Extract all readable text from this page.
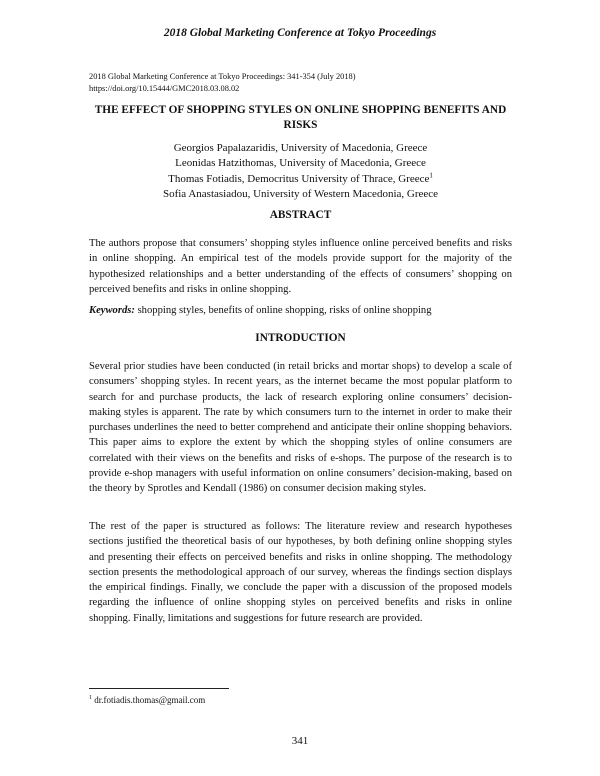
2018 Global Marketing Conference at Tokyo Proceedings
2018 Global Marketing Conference at Tokyo Proceedings: 341-354 (July 2018)
https://doi.org/10.15444/GMC2018.03.08.02
THE EFFECT OF SHOPPING STYLES ON ONLINE SHOPPING BENEFITS AND RISKS
Georgios Papalazaridis, University of Macedonia, Greece
Leonidas Hatzithomas, University of Macedonia, Greece
Thomas Fotiadis, Democritus University of Thrace, Greece$^1$
Sofia Anastasiadou, University of Western Macedonia, Greece
ABSTRACT

The authors propose that consumers’ shopping styles influence online perceived benefits and risks in online shopping. An empirical test of the models provide support for the majority of the hypothesized relationships and a better understanding of the effects of consumers’ shopping on perceived benefits and risks in online shopping.

Keywords: shopping styles, benefits of online shopping, risks of online shopping
INTRODUCTION

Several prior studies have been conducted (in retail bricks and mortar shops) to develop a scale of consumers’ shopping styles. In recent years, as the internet became the most popular platform to search for and purchase products, the lack of research exploring online consumers’ decision-making styles is apparent. The rate by which consumers turn to the internet in order to make their purchases underlines the need to better comprehend and anticipate their online shopping behaviors. This paper aims to explore the extent by which the shopping styles of online consumers are correlated with their views on the benefits and risks of e-shops. The purpose of the research is to provide e-shop managers with useful information on online consumers’ decision-making, based on the theory by Sprotles and Kendall (1986) on consumer decision making styles.

The rest of the paper is structured as follows: The literature review and research hypotheses sections justified the theoretical basis of our hypotheses, by both defining online shopping styles and presenting their effects on perceived benefits and risks in online shopping. The methodology section presents the methodological approach of our survey, whereas the findings section displays the empirical findings. Finally, we conclude the paper with a discussion of the proposed models regarding the influence of online shopping styles on perceived benefits and risks in online shopping. Finally, limitations and suggestions for future research are provided.

$^1$ dr.fotiadis.thomas@gmail.com
341
